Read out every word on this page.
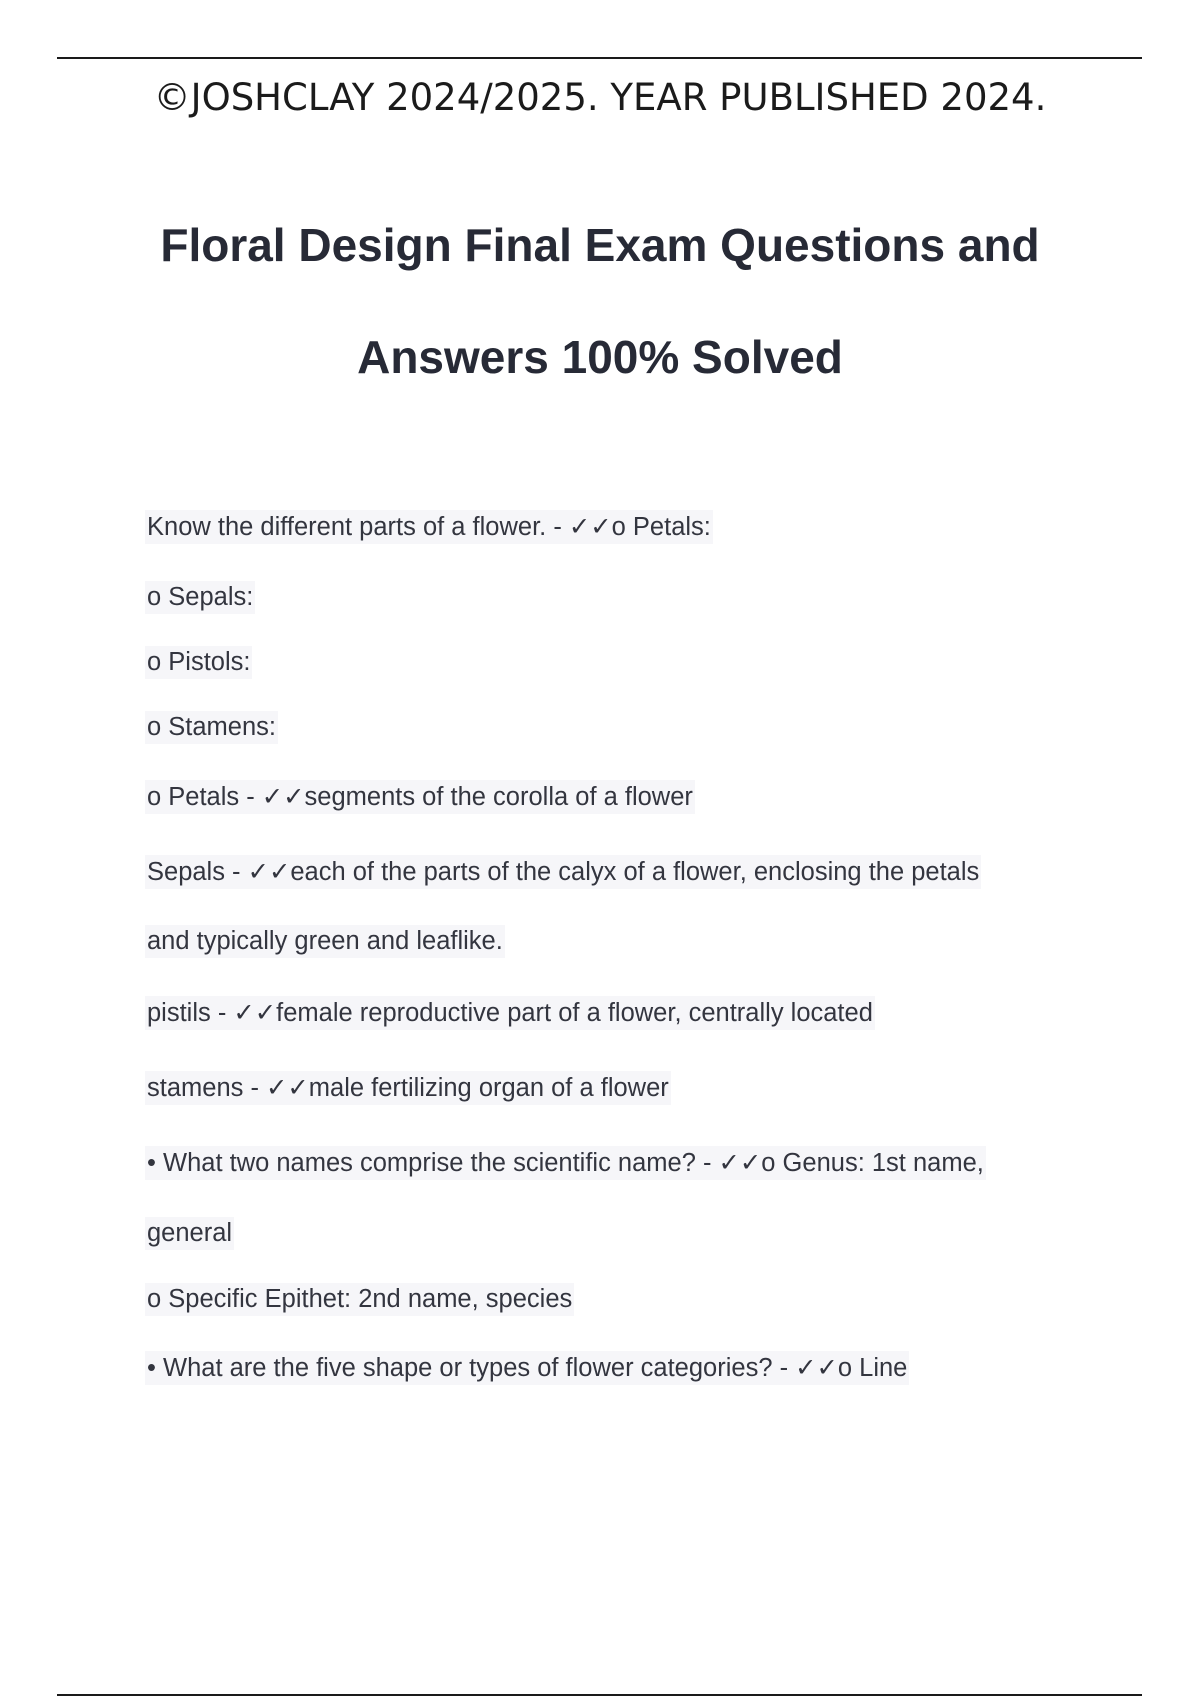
©JOSHCLAY 2024/2025. YEAR PUBLISHED 2024.
Floral Design Final Exam Questions and
Answers 100% Solved
Know the different parts of a flower. - ✓✓o Petals:
o Sepals:
o Pistols:
o Stamens:
o Petals - ✓✓segments of the corolla of a flower
Sepals - ✓✓each of the parts of the calyx of a flower, enclosing the petals
and typically green and leaflike.
pistils - ✓✓female reproductive part of a flower, centrally located
stamens - ✓✓male fertilizing organ of a flower
• What two names comprise the scientific name? - ✓✓o Genus: 1st name,
general
o Specific Epithet: 2nd name, species
• What are the five shape or types of flower categories? - ✓✓o Line
